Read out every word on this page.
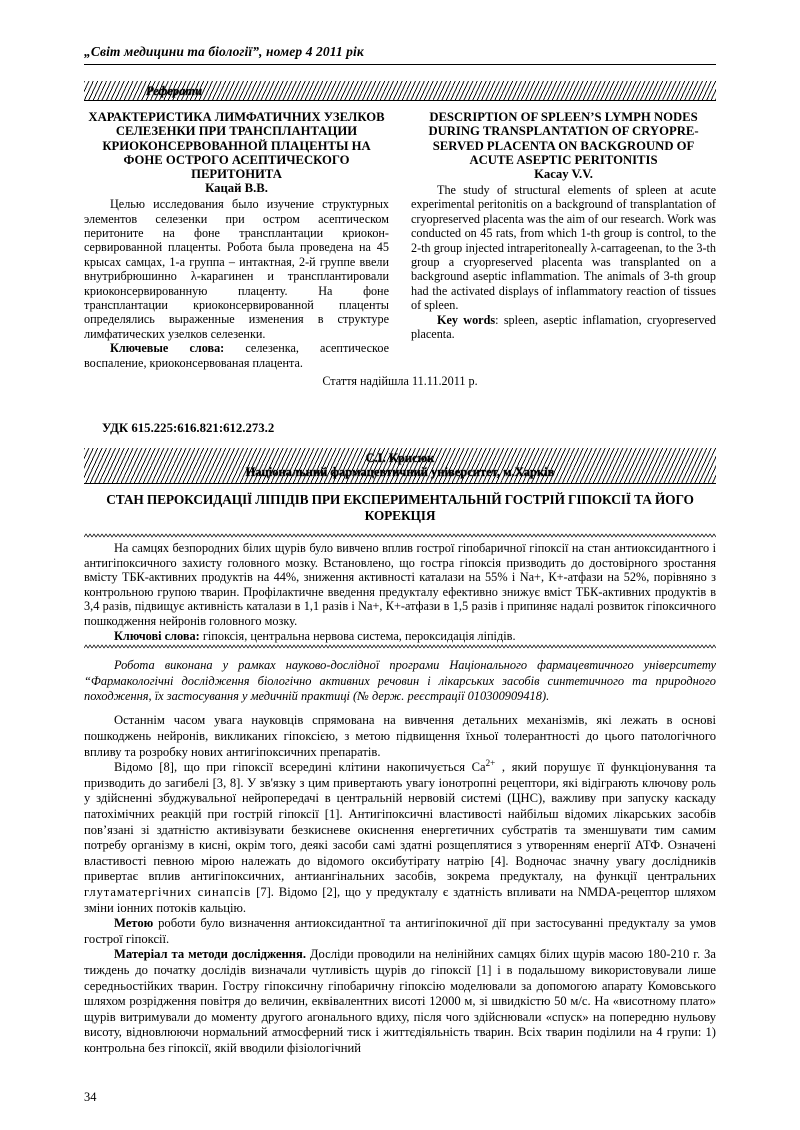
„Світ медицини та біології”, номер 4 2011 рік
Реферати
ХАРАКТЕРИСТИКА ЛИМФАТИЧНИХ УЗЕЛКОВ СЕЛЕЗЕНКИ ПРИ ТРАНСПЛАНТАЦИИ КРИОКОНСЕРВОВАННОЙ ПЛАЦЕНТЫ НА ФОНЕ ОСТРОГО АСЕПТИЧЕСКОГО ПЕРИТОНИТА
Кацай В.В.

Целью исследования было изучение структурных элементов селезенки при остром асептическом перитоните на фоне трансплантации криокон-сервированной плаценты. Робота была проведена на 45 крысах самцах, 1-а группа – интактная, 2-й группе ввели внутрибрюшинно λ-карагинен и трансплантировали криоконсервированную плаценту. На фоне трансплантации криоконсервированной плаценты определялись выраженные изменения в структуре лимфатических узелков селезенки.

Ключевые слова: селезенка, асептическое воспаление, криоконсервованая плацента.

DESCRIPTION OF SPLEEN’S LYMPH NODES DURING TRANSPLANTATION OF CRYOPRE-SERVED PLACENTA ON BACKGROUND OF ACUTE ASEPTIC PERITONITIS
Kacay V.V.

The study of structural elements of spleen at acute experimental peritonitis on a background of transplantation of cryopreserved placenta was the aim of our research. Work was conducted on 45 rats, from which 1-th group is control, to the 2-th group injected intraperitoneally λ-carrageenan, to the 3-th group a cryopreserved placenta was transplanted on a background aseptic inflammation. The animals of 3-th group had the activated displays of inflammatory reaction of tissues of spleen.

Key words: spleen, aseptic inflamation, cryopreserved placenta.

Стаття надійшла 11.11.2011 р.
УДК 615.225:616.821:612.273.2
С.І. Крисюк
Національний фармацевтичний університет, м.Харків
СТАН ПЕРОКСИДАЦІЇ ЛІПІДІВ ПРИ ЕКСПЕРИМЕНТАЛЬНІЙ ГОСТРІЙ ГІПОКСІЇ ТА ЙОГО КОРЕКЦІЯ

На самцях безпородних білих щурів було вивчено вплив гострої гіпобаричної гіпоксії на стан антиоксидантного і антигіпоксичного захисту головного мозку. Встановлено, що гостра гіпоксія призводить до достовірного зростання вмісту ТБК-активних продуктів на 44%, зниження активності каталази на 55% і Na+, К+-атфази на 52%, порівняно з контрольною групою тварин. Профілактичне введення предукталу ефективно знижує вміст ТБК-активних продуктів в 3,4 разів, підвищує активність каталази в 1,1 разів і Na+, К+-атфази в 1,5 разів і припиняє надалі розвиток гіпоксичного пошкодження нейронів головного мозку.

Ключові слова: гіпоксія, центральна нервова система, пероксидація ліпідів.

Робота виконана у рамках науково-дослідної програми Національного фармацевтичного університету “Фармакологічні дослідження біологічно активних речовин і лікарських засобів синтетичного та природного походження, їх застосування у медичній практиці (№ держ. реєстрації 010300909418).

Останнім часом увага науковців спрямована на вивчення детальних механізмів, які лежать в основі пошкоджень нейронів, викликаних гіпоксією, з метою підвищення їхньої толерантності до цього патологічного впливу та розробку нових антигіпоксичних препаратів.

Відомо [8], що при гіпоксії всередині клітини накопичується $Са^{2+}$ , який порушує її функціонування та призводить до загибелі [3, 8]. У зв'язку з цим привертають увагу іонотропні рецептори, які відіграють ключову роль у здійсненні збуджувальної нейропередачі в центральній нервовій системі (ЦНС), важливу при запуску каскаду патохімічних реакцій при гострій гіпоксії [1]. Антигіпоксичні властивості найбільш відомих лікарських засобів пов’язані зі здатністю активізувати безкисневе окиснення енергетичних субстратів та зменшувати тим самим потребу організму в кисні, окрім того, деякі засоби самі здатні розщеплятися з утворенням енергії АТФ. Означені властивості певною мірою належать до відомого оксибутірату натрію [4]. Водночас значну увагу дослідників привертає вплив антигіпоксичних, антиангінальних засобів, зокрема предукталу, на функції центральних глутаматергічних синапсів [7]. Відомо [2], що у предукталу є здатність впливати на NMDA-рецептор шляхом зміни іонних потоків кальцію.

Метою роботи було визначення антиоксидантної та антигіпокичної дії при застосуванні предукталу за умов гострої гіпоксії.

Матеріал та методи дослідження. Досліди проводили на нелінійних самцях білих щурів масою 180-210 г. За тиждень до початку дослідів визначали чутливість щурів до гіпоксії [1] і в подальшому використовували лише середньостійких тварин. Гостру гіпоксичну гіпобаричну гіпоксію моделювали за допомогою апарату Комовського шляхом розрідження повітря до величин, еквівалентних висоті 12000 м, зі швидкістю 50 м/с. На «висотному плато» щурів витримували до моменту другого агонального вдиху, після чого здійснювали «спуск» на попередню нульову висоту, відновлюючи нормальний атмосферний тиск і життєдіяльність тварин. Всіх тварин поділили на 4 групи: 1) контрольна без гіпоксії, якій вводили фізіологічний

34
